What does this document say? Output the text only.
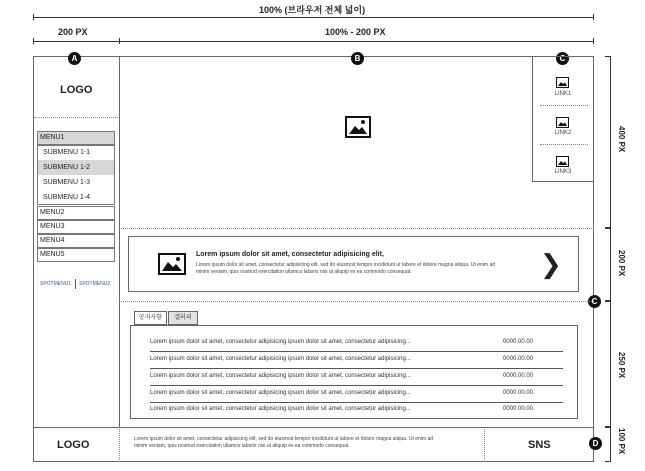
100% (브라우저 전체 넓이)
200 PX	100% - 200 PX
A	B	C
C
D
LOGO
MENU1
SUBMENU 1-1
SUBMENU 1-2
SUBMENU 1-3
SUBMENU 1-4
MENU2
MENU3
MENU4
MENU5
SPOTMENU1 SPOTMENU2
LINK1
LINK2
LINK3
Lorem ipsum dolor sit amet, consectetur adipisicing elit,
Lorem ipsum dolor sit amet, consectetur adipisicing elit, sed do eiusmod tempor incididunt ut labore et dolore magna aliqua. Ut enim ad
minim veniam, quis nostrud exercitation ullamco laboris nisi ut aliquip ex ea commodo consequat.	❯
공지사항	갤러리
Lorem ipsum dolor sit amet, consectetur adipisicing ipsum dolor sit amet, consectetur adipisicing...	0000.00.00
Lorem ipsum dolor sit amet, consectetur adipisicing ipsum dolor sit amet, consectetur adipisicing...	0000.00.00
Lorem ipsum dolor sit amet, consectetur adipisicing ipsum dolor sit amet, consectetur adipisicing...	0000.00.00
Lorem ipsum dolor sit amet, consectetur adipisicing ipsum dolor sit amet, consectetur adipisicing...	0000.00.00
Lorem ipsum dolor sit amet, consectetur adipisicing ipsum dolor sit amet, consectetur adipisicing...	0000.00.00
LOGO	Lorem ipsum dolor sit amet, consectetur adipisicing elit, sed do eiusmod tempor incididunt ut labore et dolore magna aliqua. Ut enim ad
minim veniam, quis nostrud exercitation ullamco laboris nisi ut aliquip ex ea commodo consequat.	SNS
400 PX
200 PX
250 PX
100 PX
